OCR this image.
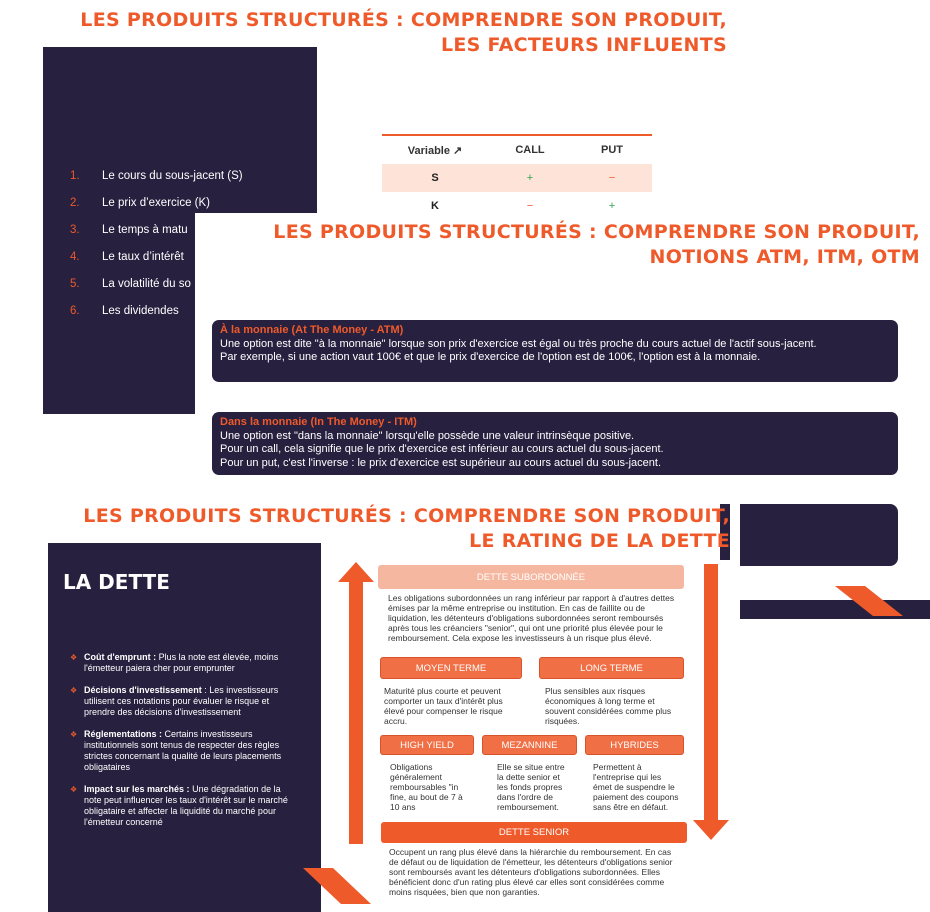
LES PRODUITS STRUCTURÉS : COMPRENDRE SON PRODUIT,
LES FACTEURS INFLUENTS
1.	Le cours du sous-jacent (S)
2.	Le prix d’exercice (K)
3.	Le temps à matu
4.	Le taux d’intérêt
5.	La volatilité du so
6.	Les dividendes
Variable ↗	CALL	PUT
S	+	−
K	−	+
LES PRODUITS STRUCTURÉS : COMPRENDRE SON PRODUIT,
NOTIONS ATM, ITM, OTM
À la monnaie (At The Money - ATM)
Une option est dite "à la monnaie" lorsque son prix d'exercice est égal ou très proche du cours actuel de l'actif sous-jacent.
Par exemple, si une action vaut 100€ et que le prix d'exercice de l'option est de 100€, l'option est à la monnaie.
Dans la monnaie (In The Money - ITM)
Une option est "dans la monnaie" lorsqu'elle possède une valeur intrinsèque positive.
Pour un call, cela signifie que le prix d'exercice est inférieur au cours actuel du sous-jacent.
Pour un put, c'est l'inverse : le prix d'exercice est supérieur au cours actuel du sous-jacent.
LES PRODUITS STRUCTURÉS : COMPRENDRE SON PRODUIT,
LE RATING DE LA DETTE
LA DETTE
❖ Coût d'emprunt : Plus la note est élevée, moins l'émetteur paiera cher pour emprunter
❖ Décisions d'investissement : Les investisseurs utilisent ces notations pour évaluer le risque et prendre des décisions d'investissement
❖ Réglementations : Certains investisseurs institutionnels sont tenus de respecter des règles strictes concernant la qualité de leurs placements obligataires
❖ Impact sur les marchés : Une dégradation de la note peut influencer les taux d'intérêt sur le marché obligataire et affecter la liquidité du marché pour l'émetteur concerné
Niveau de rendement attendu	Niveau de priorité dans l'ordre des créanciers
DETTE SUBORDONNÉE
Les obligations subordonnées un rang inférieur par rapport à d'autres dettes émises par la même entreprise ou institution. En cas de faillite ou de liquidation, les détenteurs d'obligations subordonnées seront remboursés après tous les créanciers "senior", qui ont une priorité plus élevée pour le remboursement. Cela expose les investisseurs à un risque plus élevé.
MOYEN TERME	LONG TERME
Maturité plus courte et peuvent comporter un taux d'intérêt plus élevé pour compenser le risque accru.
Plus sensibles aux risques économiques à long terme et souvent considérées comme plus risquées.
HIGH YIELD	MEZANNINE	HYBRIDES
Obligations généralement remboursables "in fine, au bout de 7 à 10 ans
Elle se situe entre la dette senior et les fonds propres dans l'ordre de remboursement.
Permettent à l'entreprise qui les émet de suspendre le paiement des coupons sans être en défaut.
DETTE SENIOR
Occupent un rang plus élevé dans la hiérarchie du remboursement. En cas de défaut ou de liquidation de l'émetteur, les détenteurs d'obligations senior sont remboursés avant les détenteurs d'obligations subordonnées. Elles bénéficient donc d'un rating plus élevé car elles sont considérées comme moins risquées, bien que non garanties.
